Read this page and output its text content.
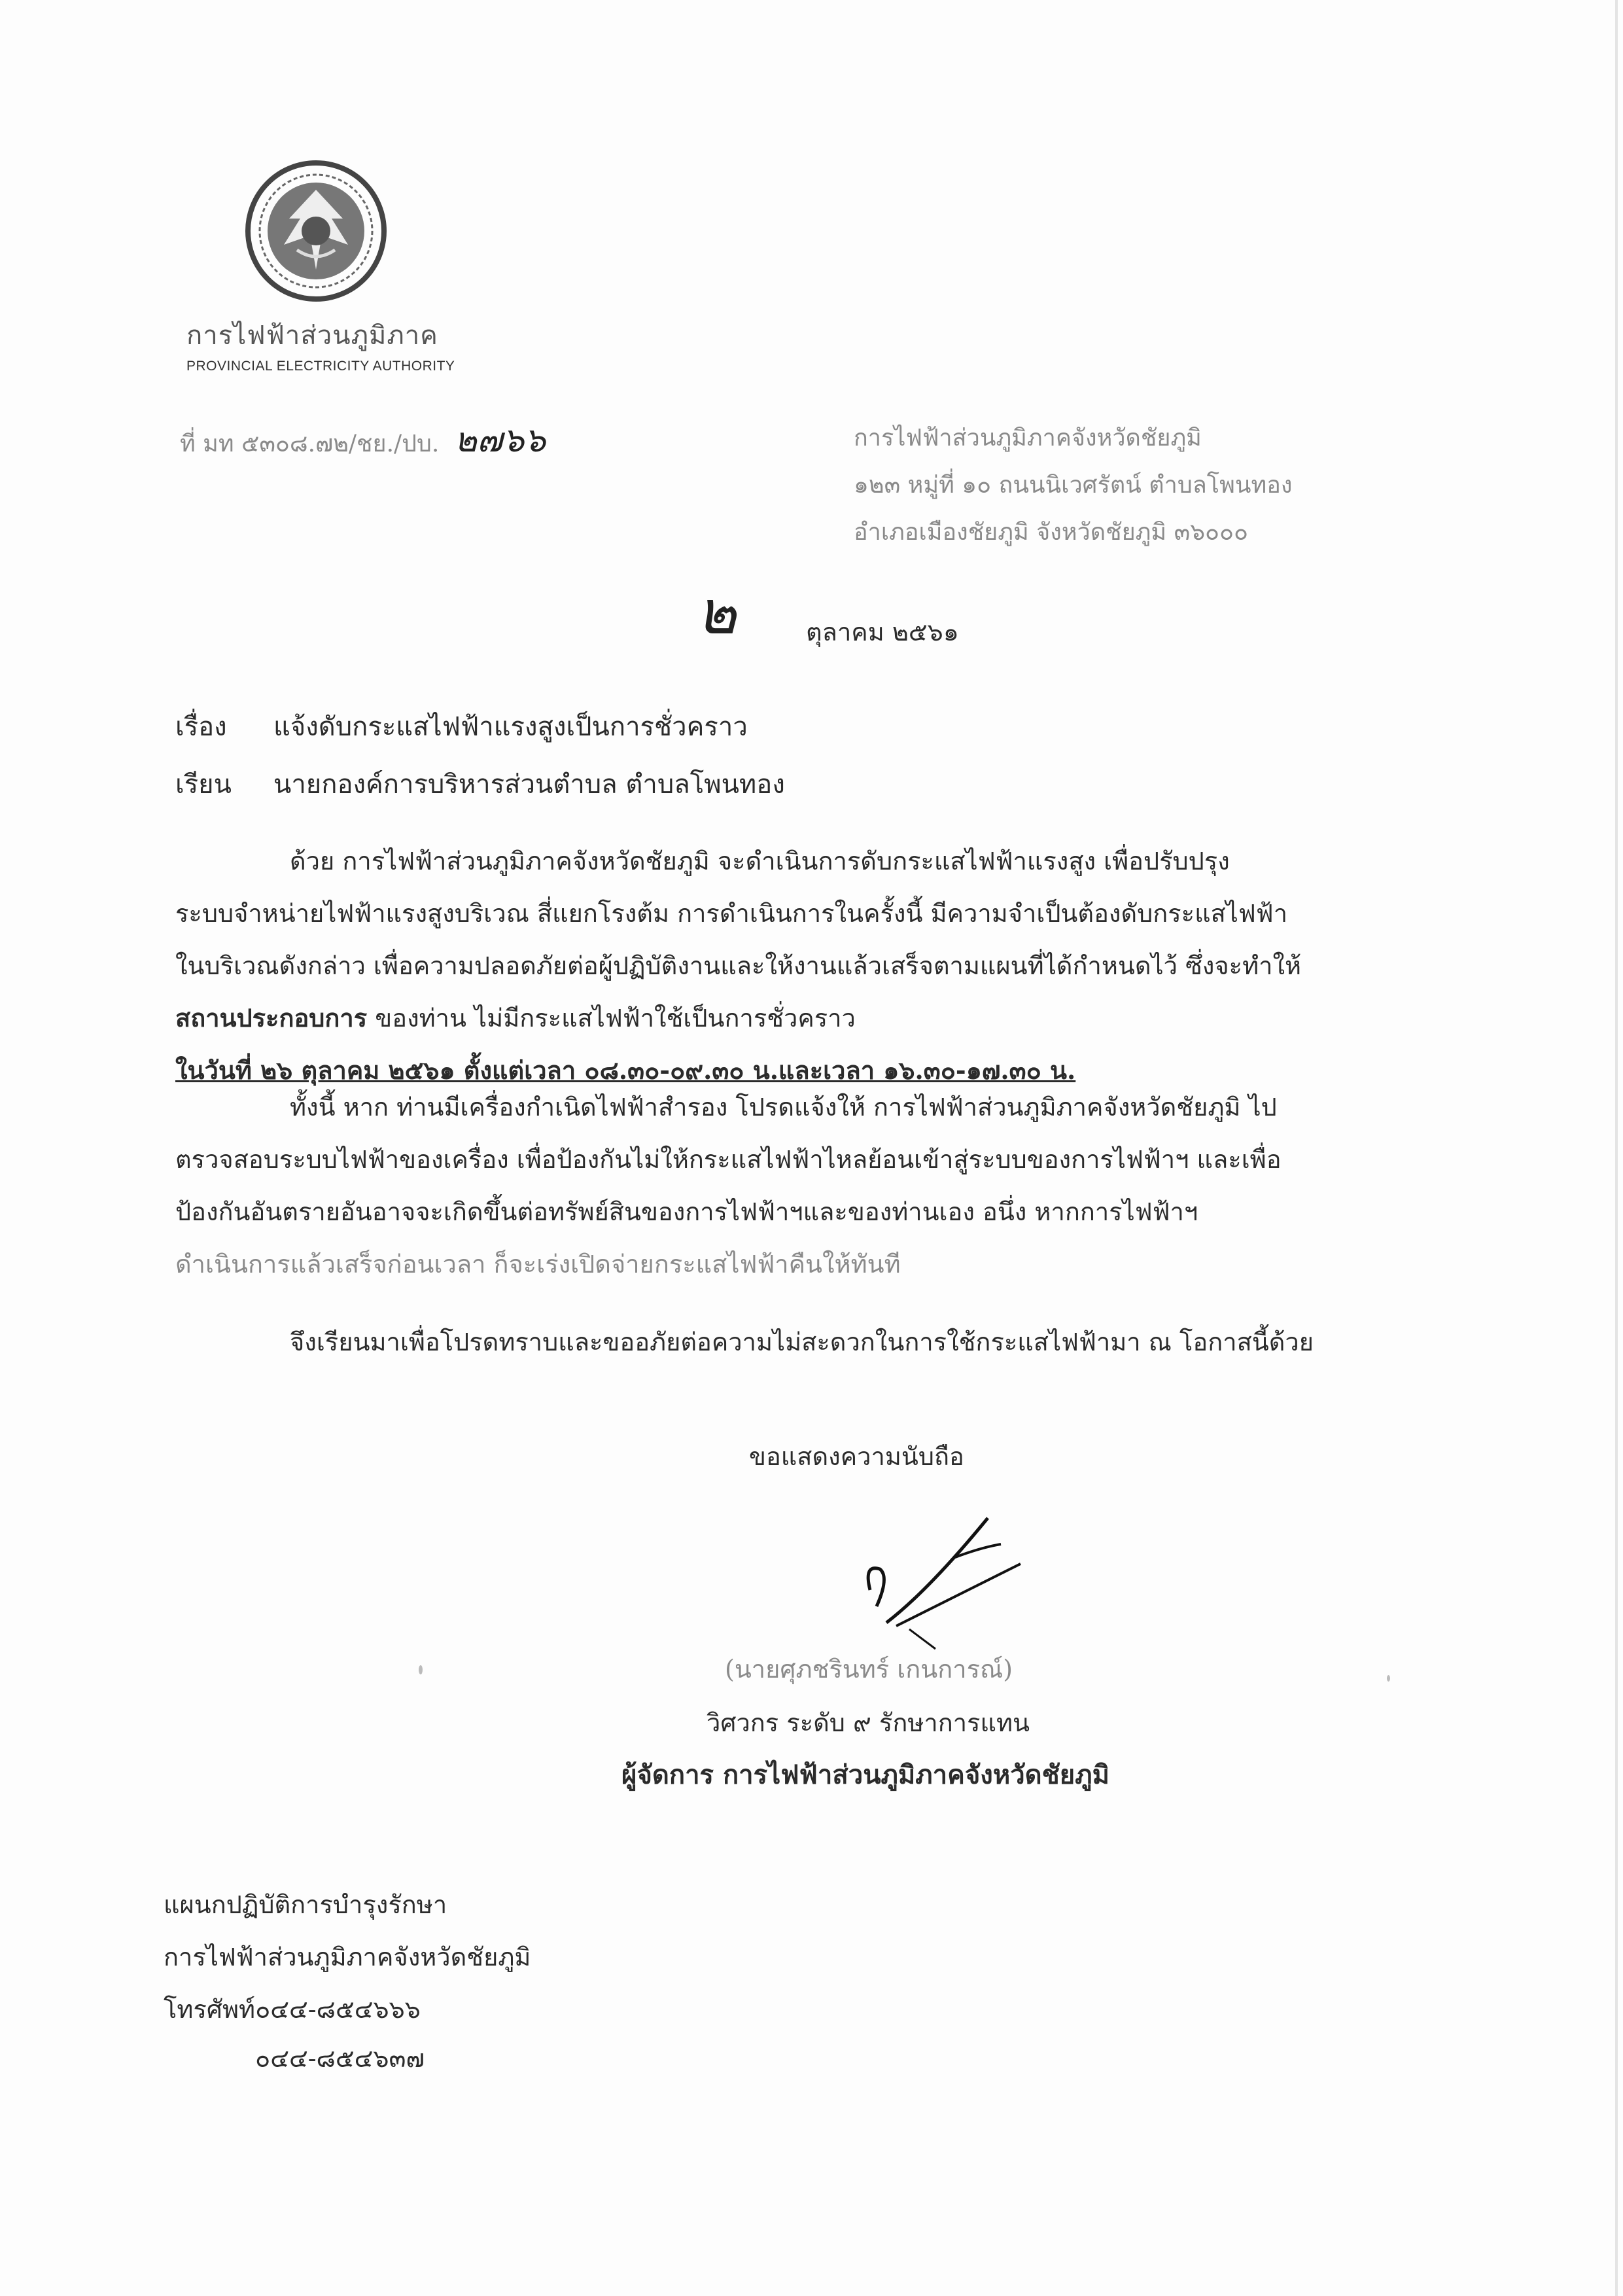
การไฟฟ้าส่วนภูมิภาค
PROVINCIAL ELECTRICITY AUTHORITY
ที่ มท ๕๓๐๘.๗๒/ชย./ปบ. ๒๗๖๖	การไฟฟ้าส่วนภูมิภาคจังหวัดชัยภูมิ
๑๒๓ หมู่ที่ ๑๐ ถนนนิเวศรัตน์ ตำบลโพนทอง
อำเภอเมืองชัยภูมิ จังหวัดชัยภูมิ ๓๖๐๐๐
๒	ตุลาคม ๒๕๖๑
เรื่อง แจ้งดับกระแสไฟฟ้าแรงสูงเป็นการชั่วคราว
เรียน นายกองค์การบริหารส่วนตำบล ตำบลโพนทอง
ด้วย การไฟฟ้าส่วนภูมิภาคจังหวัดชัยภูมิ จะดำเนินการดับกระแสไฟฟ้าแรงสูง เพื่อปรับปรุง
ระบบจำหน่ายไฟฟ้าแรงสูงบริเวณ สี่แยกโรงต้ม การดำเนินการในครั้งนี้ มีความจำเป็นต้องดับกระแสไฟฟ้า
ในบริเวณดังกล่าว เพื่อความปลอดภัยต่อผู้ปฏิบัติงานและให้งานแล้วเสร็จตามแผนที่ได้กำหนดไว้ ซึ่งจะทำให้
สถานประกอบการ ของท่าน ไม่มีกระแสไฟฟ้าใช้เป็นการชั่วคราว
ในวันที่ ๒๖ ตุลาคม ๒๕๖๑ ตั้งแต่เวลา ๐๘.๓๐-๐๙.๓๐ น.และเวลา ๑๖.๓๐-๑๗.๓๐ น.
ทั้งนี้ หาก ท่านมีเครื่องกำเนิดไฟฟ้าสำรอง โปรดแจ้งให้ การไฟฟ้าส่วนภูมิภาคจังหวัดชัยภูมิ ไป
ตรวจสอบระบบไฟฟ้าของเครื่อง เพื่อป้องกันไม่ให้กระแสไฟฟ้าไหลย้อนเข้าสู่ระบบของการไฟฟ้าฯ และเพื่อ
ป้องกันอันตรายอันอาจจะเกิดขึ้นต่อทรัพย์สินของการไฟฟ้าฯและของท่านเอง อนึ่ง หากการไฟฟ้าฯ
ดำเนินการแล้วเสร็จก่อนเวลา ก็จะเร่งเปิดจ่ายกระแสไฟฟ้าคืนให้ทันที
จึงเรียนมาเพื่อโปรดทราบและขออภัยต่อความไม่สะดวกในการใช้กระแสไฟฟ้ามา ณ โอกาสนี้ด้วย
ขอแสดงความนับถือ
(นายศุภชรินทร์ เกนการณ์)
วิศวกร ระดับ ๙ รักษาการแทน
ผู้จัดการ การไฟฟ้าส่วนภูมิภาคจังหวัดชัยภูมิ
แผนกปฏิบัติการบำรุงรักษา
การไฟฟ้าส่วนภูมิภาคจังหวัดชัยภูมิ
โทรศัพท์๐๔๔-๘๕๔๖๖๖
๐๔๔-๘๕๔๖๓๗
